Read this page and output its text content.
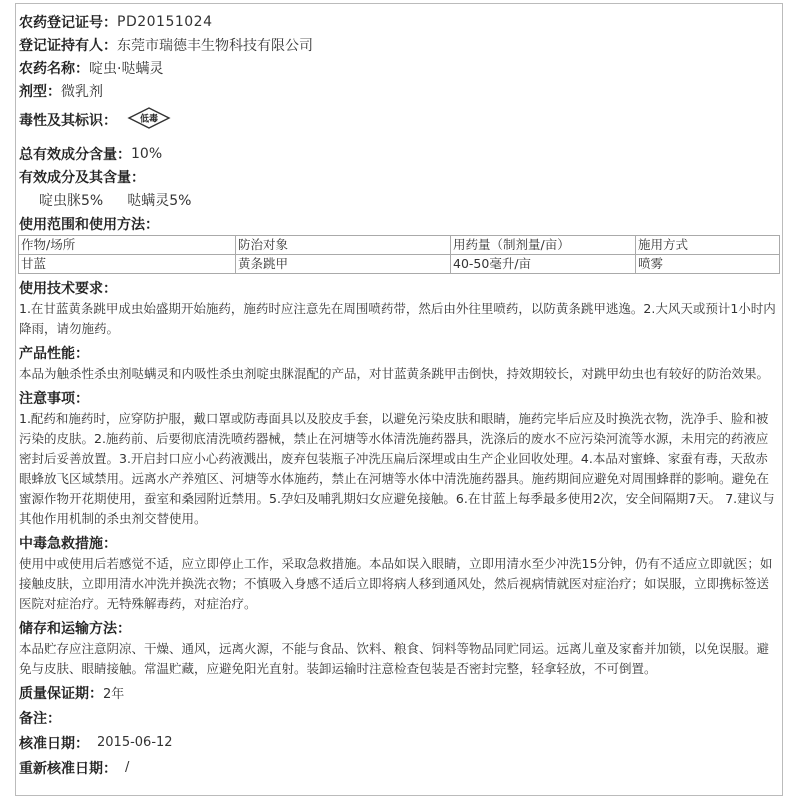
农药登记证号： PD20151024
登记证持有人： 东莞市瑞德丰生物科技有限公司
农药名称： 啶虫·哒螨灵
剂型： 微乳剂
毒性及其标识：	低毒
总有效成分含量： 10%
有效成分及其含量：
啶虫脒5% 哒螨灵5%
使用范围和使用方法：
作物/场所	防治对象	用药量（制剂量/亩）	施用方式
甘蓝	黄条跳甲	40-50毫升/亩	喷雾
使用技术要求：
1.在甘蓝黄条跳甲成虫始盛期开始施药，施药时应注意先在周围喷药带，然后由外往里喷药，以防黄条跳甲逃逸。2.大风天或预计1小时内降雨，请勿施药。
产品性能：
本品为触杀性杀虫剂哒螨灵和内吸性杀虫剂啶虫脒混配的产品，对甘蓝黄条跳甲击倒快，持效期较长，对跳甲幼虫也有较好的防治效果。
注意事项：
1.配药和施药时，应穿防护服，戴口罩或防毒面具以及胶皮手套，以避免污染皮肤和眼睛，施药完毕后应及时换洗衣物，洗净手、脸和被污染的皮肤。2.施药前、后要彻底清洗喷药器械，禁止在河塘等水体清洗施药器具，洗涤后的废水不应污染河流等水源，未用完的药液应密封后妥善放置。3.开启封口应小心药液溅出，废弃包装瓶子冲洗压扁后深埋或由生产企业回收处理。4.本品对蜜蜂、家蚕有毒，天敌赤眼蜂放飞区域禁用。远离水产养殖区、河塘等水体施药，禁止在河塘等水体中清洗施药器具。施药期间应避免对周围蜂群的影响。避免在蜜源作物开花期使用，蚕室和桑园附近禁用。5.孕妇及哺乳期妇女应避免接触。6.在甘蓝上每季最多使用2次，安全间隔期7天。 7.建议与其他作用机制的杀虫剂交替使用。
中毒急救措施：
使用中或使用后若感觉不适，应立即停止工作，采取急救措施。本品如误入眼睛，立即用清水至少冲洗15分钟，仍有不适应立即就医；如接触皮肤，立即用清水冲洗并换洗衣物；不慎吸入身感不适后立即将病人移到通风处，然后视病情就医对症治疗；如误服，立即携标签送医院对症治疗。无特殊解毒药，对症治疗。
储存和运输方法：
本品贮存应注意阴凉、干燥、通风，远离火源，不能与食品、饮料、粮食、饲料等物品同贮同运。远离儿童及家畜并加锁，以免误服。避免与皮肤、眼睛接触。常温贮藏，应避免阳光直射。装卸运输时注意检查包装是否密封完整，轻拿轻放，不可倒置。
质量保证期： 2年
备注：
核准日期： 2015-06-12
重新核准日期： /
